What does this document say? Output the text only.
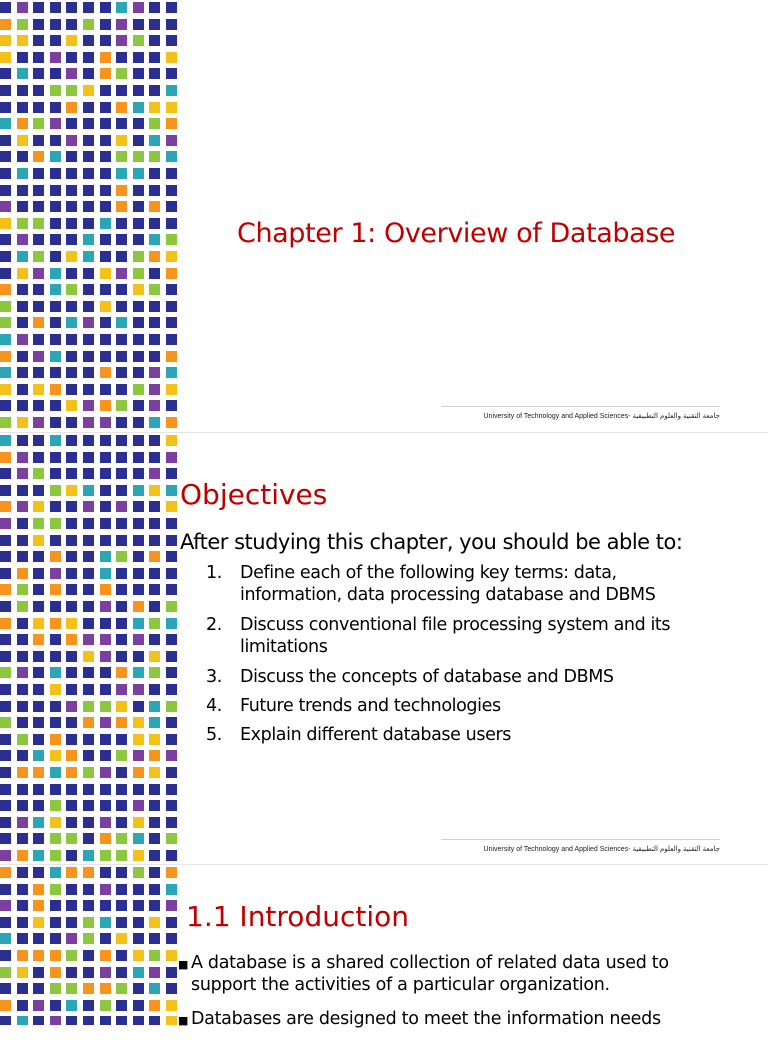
Chapter 1: Overview of Database
University of Technology and Applied Sciences- جامعة التقنية والعلوم التطبيقية
University of Technology and Applied Sciences- جامعة التقنية والعلوم التطبيقية
Objectives

After studying this chapter, you should be able to:

1. Define each of the following key terms: data, information, data processing database and DBMS
2. Discuss conventional file processing system and its limitations
3. Discuss the concepts of database and DBMS
4. Future trends and technologies
5. Explain different database users
1.1 Introduction
■ A database is a shared collection of related data used to support the activities of a particular organization.
■ Databases are designed to meet the information needs
